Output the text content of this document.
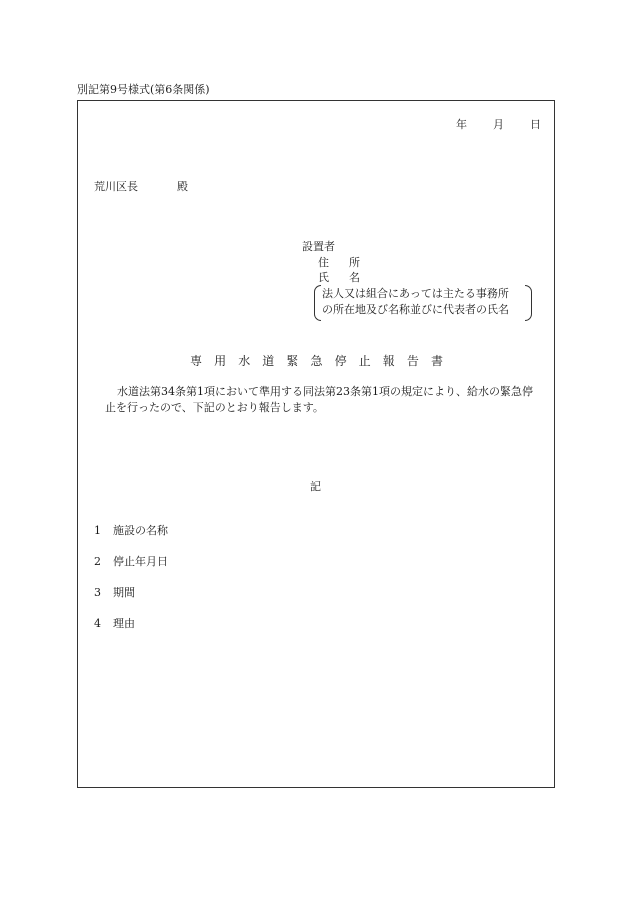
別記第9号様式(第6条関係)
年 月 日
荒川区長	殿
設置者
住 所
氏 名
法人又は組合にあっては主たる事務所
の所在地及び名称並びに代表者の氏名
専 用 水 道 緊 急 停 止 報 告 書
水道法第34条第1項において準用する同法第23条第1項の規定により、給水の緊急停
止を行ったので、下記のとおり報告します。
記
1 施設の名称
2 停止年月日
3 期間
4 理由
